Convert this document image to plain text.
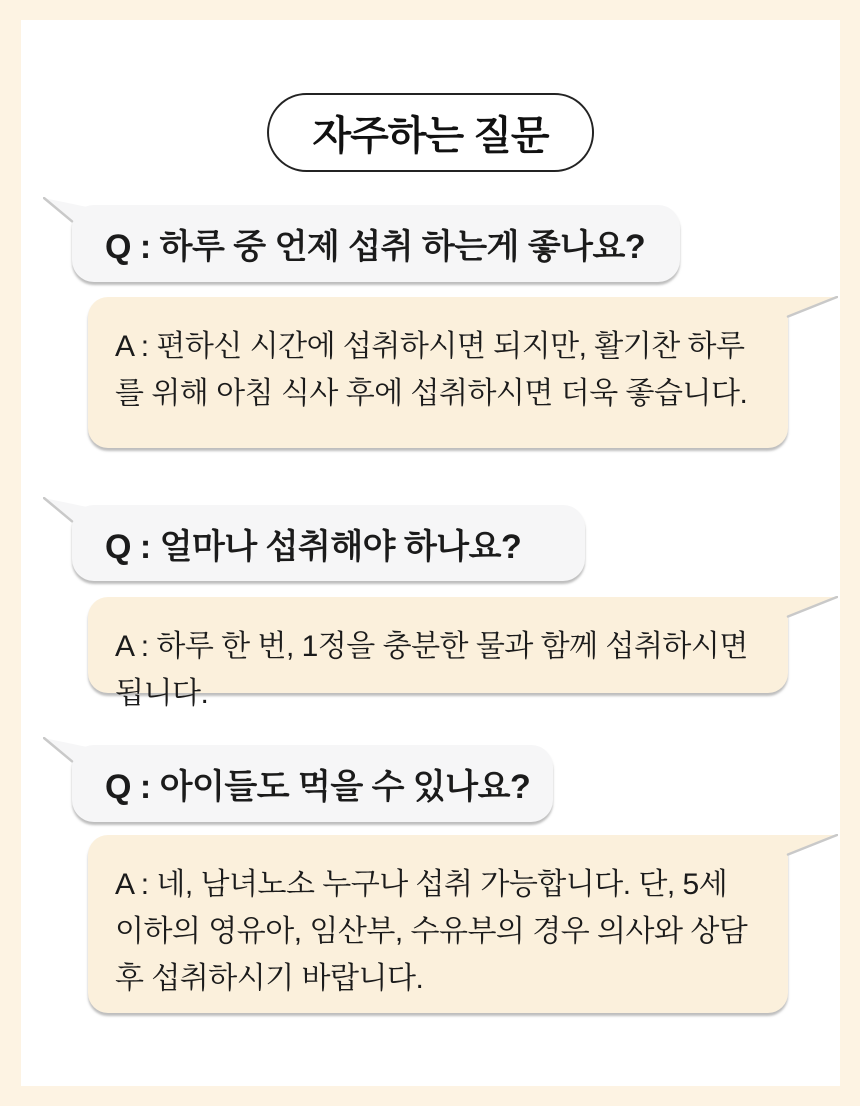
자주하는 질문
Q : 하루 중 언제 섭취 하는게 좋나요?
A : 편하신 시간에 섭취하시면 되지만, 활기찬 하루를 위해 아침 식사 후에 섭취하시면 더욱 좋습니다.
Q : 얼마나 섭취해야 하나요?
A : 하루 한 번, 1정을 충분한 물과 함께 섭취하시면 됩니다.
Q : 아이들도 먹을 수 있나요?
A : 네, 남녀노소 누구나 섭취 가능합니다. 단, 5세 이하의 영유아, 임산부, 수유부의 경우 의사와 상담 후 섭취하시기 바랍니다.
